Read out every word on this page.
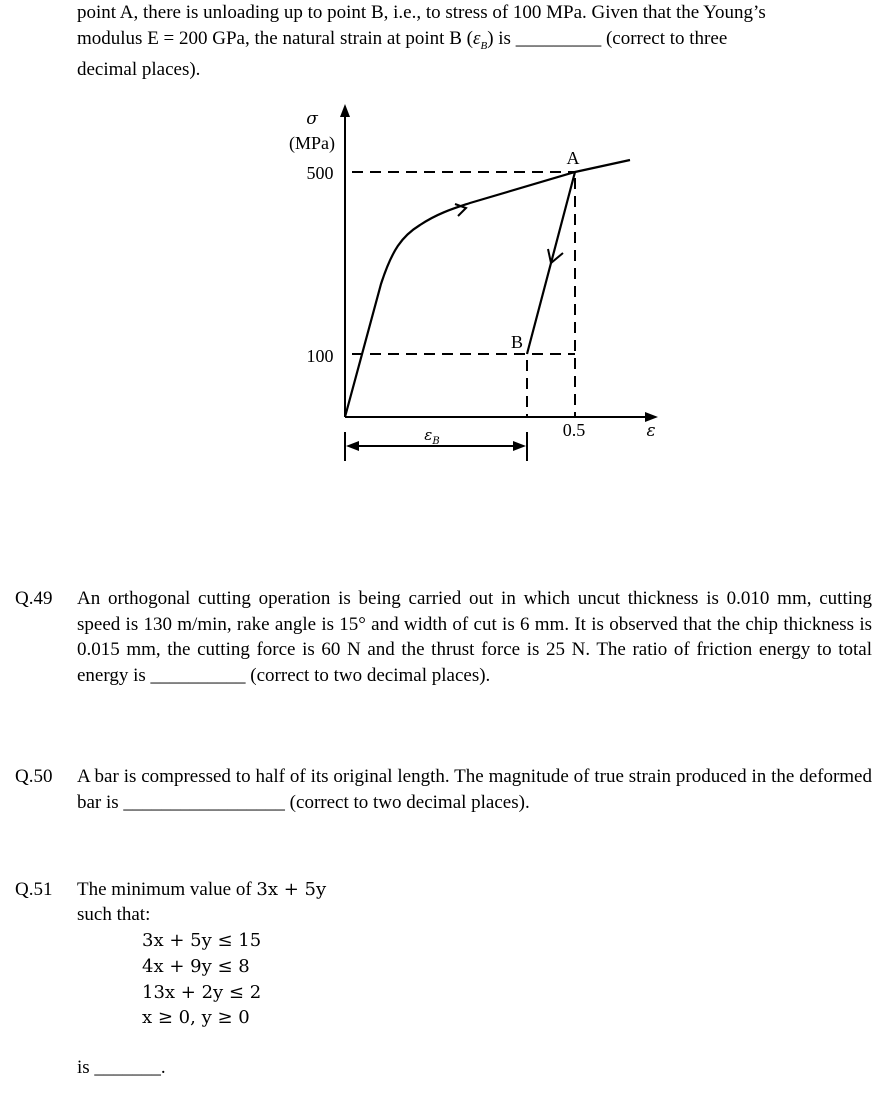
point A, there is unloading up to point B, i.e., to stress of 100 MPa. Given that the Young’s
modulus E = 200 GPa, the natural strain at point B $(\varepsilon_B)$ is _________ (correct to three
decimal places).
σ
(MPa)
500
100
A
B
0.5	ε
$\varepsilon_B$
Q.49 An orthogonal cutting operation is being carried out in which uncut thickness is 0.010 mm, cutting speed is 130 m/min, rake angle is 15° and width of cut is 6 mm. It is observed that the chip thickness is 0.015 mm, the cutting force is 60 N and the thrust force is 25 N. The ratio of friction energy to total energy is __________ (correct to two decimal places).
Q.50 A bar is compressed to half of its original length. The magnitude of true strain produced in the deformed bar is _________________ (correct to two decimal places).
Q.51 The minimum value of 3x + 5y
such that:
3x + 5y ≤ 15
4x + 9y ≤ 8
13x + 2y ≤ 2
x ≥ 0, y ≥ 0
is _______.
